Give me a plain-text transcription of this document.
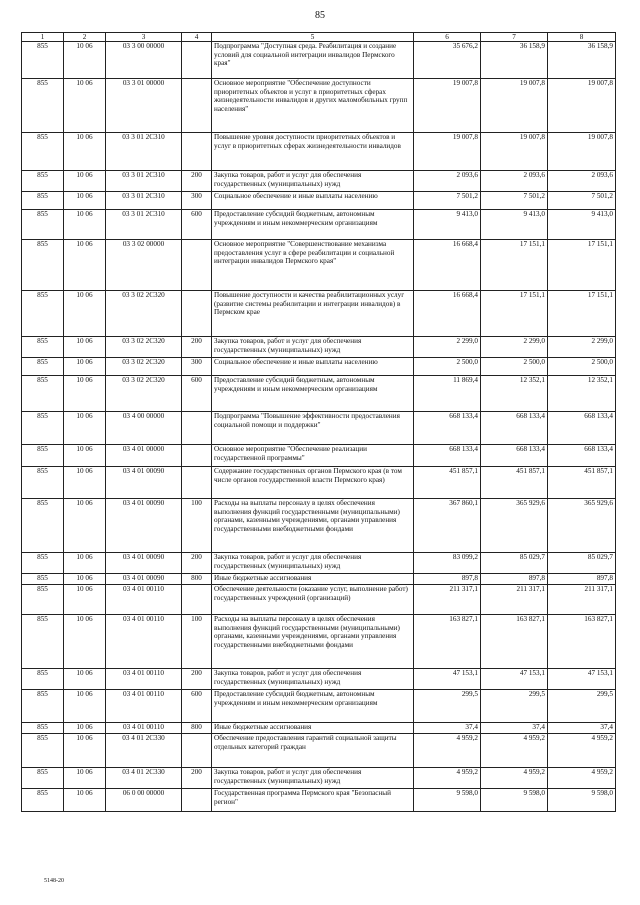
85
1	2	3	4	5	6	7	8
855	10 06	03 3 00 00000		Подпрограмма "Доступная среда. Реабилитация и создание условий для социальной интеграции инвалидов Пермского края"	35 676,2	36 158,9	36 158,9
855	10 06	03 3 01 00000		Основное мероприятие "Обеспечение доступности приоритетных объектов и услуг в приоритетных сферах жизнедеятельности инвалидов и других маломобильных групп населения"	19 007,8	19 007,8	19 007,8
855	10 06	03 3 01 2C310		Повышение уровня доступности приоритетных объектов и услуг в приоритетных сферах жизнедеятельности инвалидов	19 007,8	19 007,8	19 007,8
855	10 06	03 3 01 2C310	200	Закупка товаров, работ и услуг для обеспечения государственных (муниципальных) нужд	2 093,6	2 093,6	2 093,6
855	10 06	03 3 01 2C310	300	Социальное обеспечение и иные выплаты населению	7 501,2	7 501,2	7 501,2
855	10 06	03 3 01 2C310	600	Предоставление субсидий бюджетным, автономным учреждениям и иным некоммерческим организациям	9 413,0	9 413,0	9 413,0
855	10 06	03 3 02 00000		Основное мероприятие "Совершенствование механизма предоставления услуг в сфере реабилитации и социальной интеграции инвалидов Пермского края"	16 668,4	17 151,1	17 151,1
855	10 06	03 3 02 2C320		Повышение доступности и качества реабилитационных услуг (развитие системы реабилитации и интеграции инвалидов) в Пермском крае	16 668,4	17 151,1	17 151,1
855	10 06	03 3 02 2C320	200	Закупка товаров, работ и услуг для обеспечения государственных (муниципальных) нужд	2 299,0	2 299,0	2 299,0
855	10 06	03 3 02 2C320	300	Социальное обеспечение и иные выплаты населению	2 500,0	2 500,0	2 500,0
855	10 06	03 3 02 2C320	600	Предоставление субсидий бюджетным, автономным учреждениям и иным некоммерческим организациям	11 869,4	12 352,1	12 352,1
855	10 06	03 4 00 00000		Подпрограмма "Повышение эффективности предоставления социальной помощи и поддержки"	668 133,4	668 133,4	668 133,4
855	10 06	03 4 01 00000		Основное мероприятие "Обеспечение реализации государственной программы"	668 133,4	668 133,4	668 133,4
855	10 06	03 4 01 00090		Содержание государственных органов Пермского края (в том числе органов государственной власти Пермского края)	451 857,1	451 857,1	451 857,1
855	10 06	03 4 01 00090	100	Расходы на выплаты персоналу в целях обеспечения выполнения функций государственными (муниципальными) органами, казенными учреждениями, органами управления государственными внебюджетными фондами	367 860,1	365 929,6	365 929,6
855	10 06	03 4 01 00090	200	Закупка товаров, работ и услуг для обеспечения государственных (муниципальных) нужд	83 099,2	85 029,7	85 029,7
855	10 06	03 4 01 00090	800	Иные бюджетные ассигнования	897,8	897,8	897,8
855	10 06	03 4 01 00110		Обеспечение деятельности (оказание услуг, выполнение работ) государственных учреждений (организаций)	211 317,1	211 317,1	211 317,1
855	10 06	03 4 01 00110	100	Расходы на выплаты персоналу в целях обеспечения выполнения функций государственными (муниципальными) органами, казенными учреждениями, органами управления государственными внебюджетными фондами	163 827,1	163 827,1	163 827,1
855	10 06	03 4 01 00110	200	Закупка товаров, работ и услуг для обеспечения государственных (муниципальных) нужд	47 153,1	47 153,1	47 153,1
855	10 06	03 4 01 00110	600	Предоставление субсидий бюджетным, автономным учреждениям и иным некоммерческим организациям	299,5	299,5	299,5
855	10 06	03 4 01 00110	800	Иные бюджетные ассигнования	37,4	37,4	37,4
855	10 06	03 4 01 2C330		Обеспечение предоставления гарантий социальной защиты отдельных категорий граждан	4 959,2	4 959,2	4 959,2
855	10 06	03 4 01 2C330	200	Закупка товаров, работ и услуг для обеспечения государственных (муниципальных) нужд	4 959,2	4 959,2	4 959,2
855	10 06	06 0 00 00000		Государственная программа Пермского края "Безопасный регион"	9 598,0	9 598,0	9 598,0
5148-20
